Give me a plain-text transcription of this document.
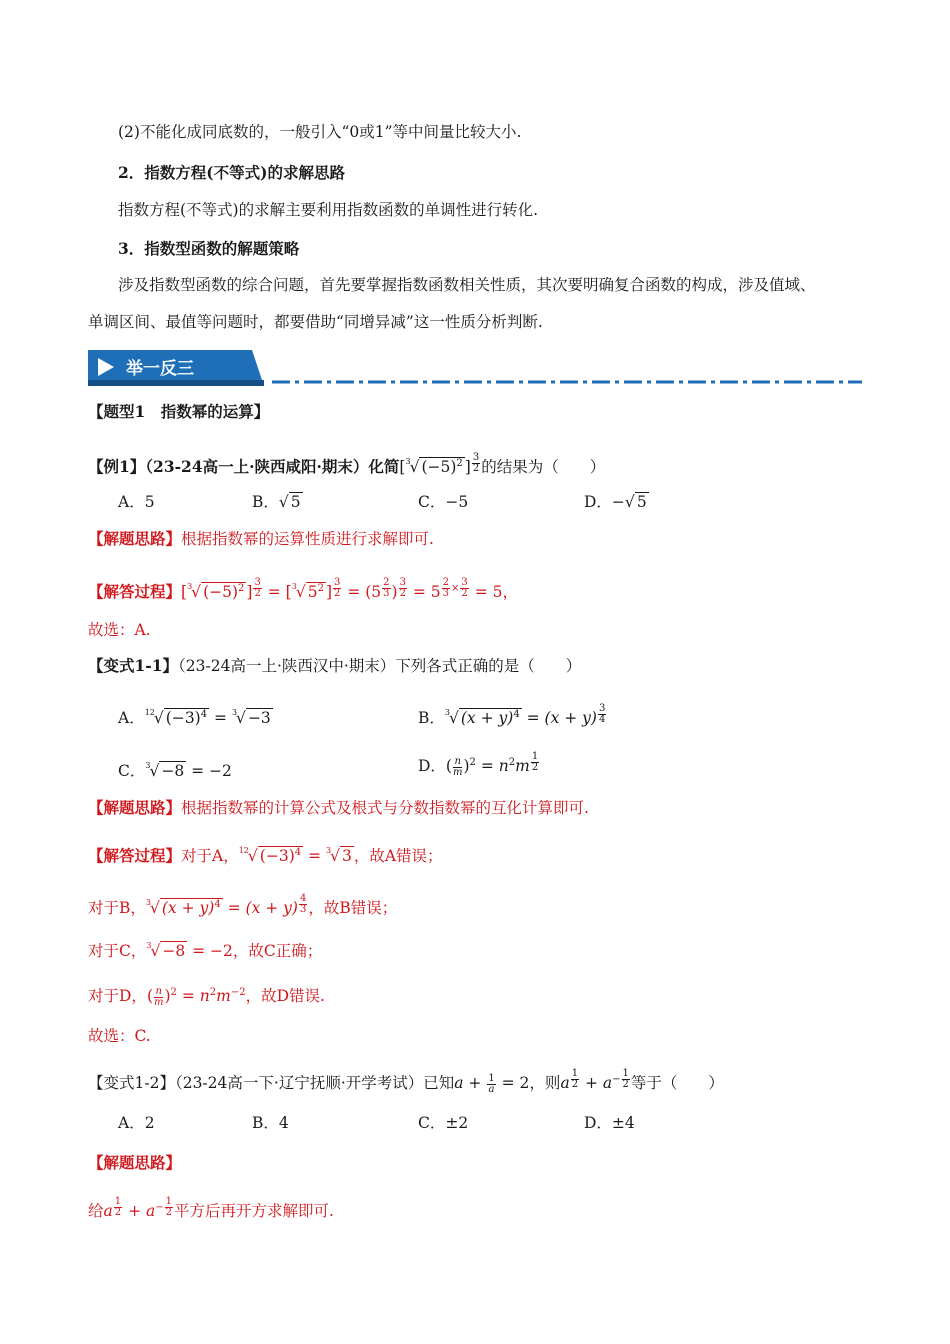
(2)不能化成同底数的，一般引入“0或1”等中间量比较大小.
2．指数方程(不等式)的求解思路
指数方程(不等式)的求解主要利用指数函数的单调性进行转化.
3．指数型函数的解题策略
涉及指数型函数的综合问题，首先要掌握指数函数相关性质，其次要明确复合函数的构成，涉及值域、
单调区间、最值等问题时，都要借助“同增异减”这一性质分析判断.
举一反三
【题型1　指数幂的运算】
【例1】（23-24高一上·陕西咸阳·期末）化简[$^3$√ $(-5)^2$ ] $^{\frac{3}{2}}$ 的结果为（　　）
A．5	B．√ 5	C．−5	D．−√ 5
【解题思路】根据指数幂的运算性质进行求解即可.
【解答过程】[$^3$√ $(-5)^2$ ] $^{\frac{3}{2}}$ = [$^3$√ $5^2$ ] $^{\frac{3}{2}}$ = (5 $^{\frac{2}{3}}$ ) $^{\frac{3}{2}}$ = 5 $^{\frac{2}{3} \times \frac{3}{2}}$ = 5，
故选：A.
【变式1-1】（23-24高一上·陕西汉中·期末）下列各式正确的是（　　）
A．$^{12}$√ $(-3)^4 = ^3√ -3$	B．$^3$√ $(x + y)^4 = (x + y)$ $^{\frac{3}{4}}$
C．$^3$√ −8 = −2	D．( $\frac{n}{m} )^2 = n^2m$ $^{\frac{1}{2}}$
【解题思路】根据指数幂的计算公式及根式与分数指数幂的互化计算即可.
【解答过程】对于A，$^{12}$√ $(-3)^4 = ^3√$ 3 ，故A错误；
对于B，$^3$√ $(x + y)^4 = (x + y)$ $^{\frac{4}{3}}$ ，故B错误；
对于C，$^3$√ −8 = −2，故C正确；
对于D，( $\frac{n}{m} )^2 = n^2m^{-2}$，故D错误.
故选：C.
【变式1-2】（23-24高一下·辽宁抚顺·开学考试）已知$a + \frac{1}{a} = 2$，则a $^{\frac{1}{2}} + a^{- \frac{1}{2}}$ 等于（　　）
A．2	B．4	C．±2	D．±4
【解题思路】
给a $^{\frac{1}{2}} + a^{- \frac{1}{2}}$ 平方后再开方求解即可.
